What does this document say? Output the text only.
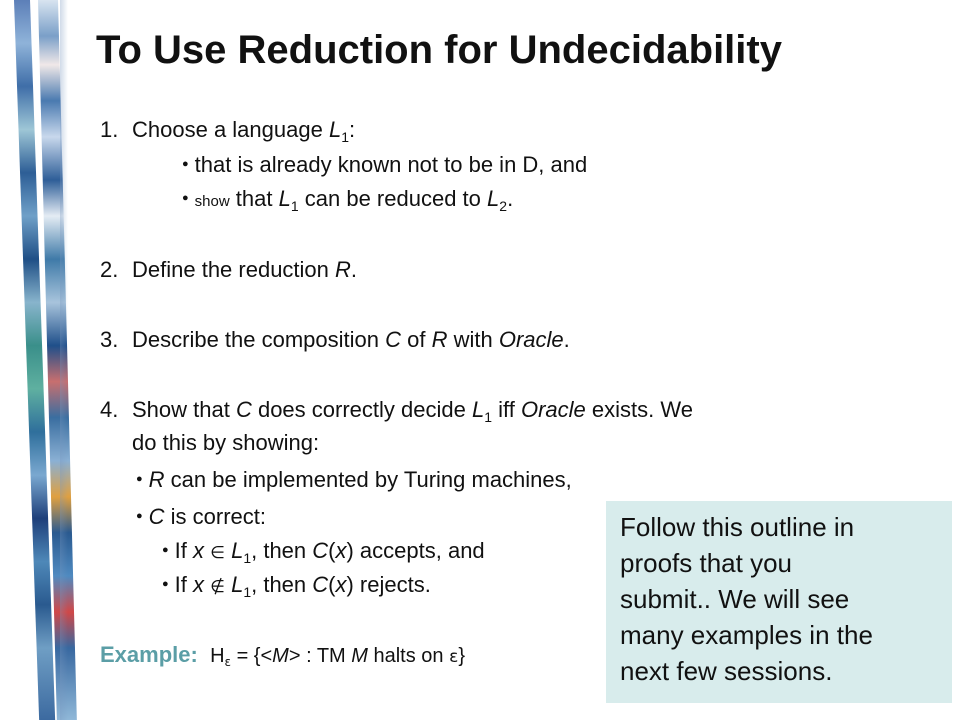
To Use Reduction for Undecidability
1. Choose a language $L_1$:
● that is already known not to be in D, and
● show that $L_1$ can be reduced to $L_2$.
2. Define the reduction R.
3. Describe the composition C of R with Oracle.
4. Show that C does correctly decide $L_1$ iff Oracle exists. We
do this by showing:
● R can be implemented by Turing machines,
● C is correct:
● If x ∈ $L_1$, then C(x) accepts, and
● If x ∉ $L_1$, then C(x) rejects.
Example: $H_\varepsilon = \{<M>$ : TM M halts on ε}
Follow this outline in
proofs that you
submit.. We will see
many examples in the
next few sessions.
